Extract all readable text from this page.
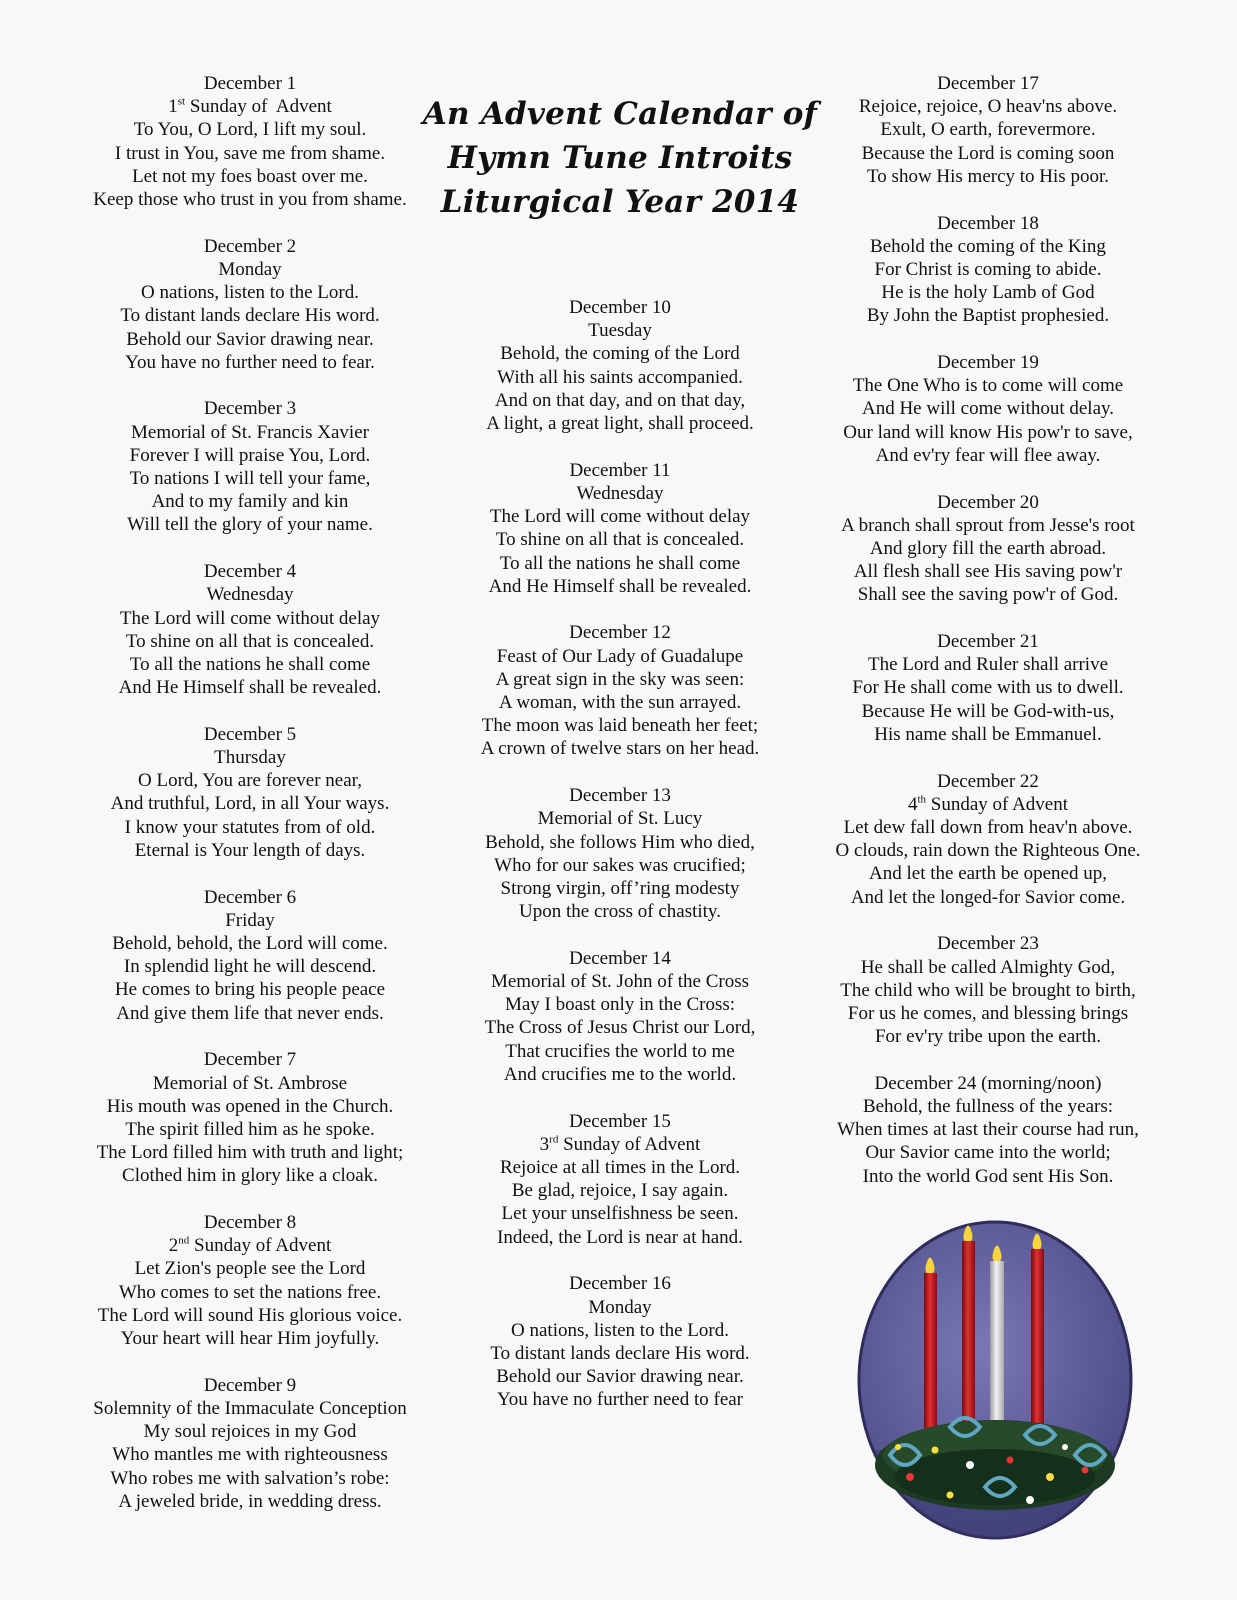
An Advent Calendar of
Hymn Tune Introits
Liturgical Year 2014
December 1
1st Sunday of  Advent
To You, O Lord, I lift my soul.
I trust in You, save me from shame.
Let not my foes boast over me.
Keep those who trust in you from shame.
December 2
Monday
O nations, listen to the Lord.
To distant lands declare His word.
Behold our Savior drawing near.
You have no further need to fear.
December 3
Memorial of St. Francis Xavier
Forever I will praise You, Lord.
To nations I will tell your fame,
And to my family and kin
Will tell the glory of your name.
December 4
Wednesday
The Lord will come without delay
To shine on all that is concealed.
To all the nations he shall come
And He Himself shall be revealed.
December 5
Thursday
O Lord, You are forever near,
And truthful, Lord, in all Your ways.
I know your statutes from of old.
Eternal is Your length of days.
December 6
Friday
Behold, behold, the Lord will come.
In splendid light he will descend.
He comes to bring his people peace
And give them life that never ends.
December 7
Memorial of St. Ambrose
His mouth was opened in the Church.
The spirit filled him as he spoke.
The Lord filled him with truth and light;
Clothed him in glory like a cloak.
December 8
2nd Sunday of Advent
Let Zion's people see the Lord
Who comes to set the nations free.
The Lord will sound His glorious voice.
Your heart will hear Him joyfully.
December 9
Solemnity of the Immaculate Conception
My soul rejoices in my God
Who mantles me with righteousness
Who robes me with salvation’s robe:
A jeweled bride, in wedding dress.
December 10
Tuesday
Behold, the coming of the Lord
With all his saints accompanied.
And on that day, and on that day,
A light, a great light, shall proceed.
December 11
Wednesday
The Lord will come without delay
To shine on all that is concealed.
To all the nations he shall come
And He Himself shall be revealed.
December 12
Feast of Our Lady of Guadalupe
A great sign in the sky was seen:
A woman, with the sun arrayed.
The moon was laid beneath her feet;
A crown of twelve stars on her head.
December 13
Memorial of St. Lucy
Behold, she follows Him who died,
Who for our sakes was crucified;
Strong virgin, off’ring modesty
Upon the cross of chastity.
December 14
Memorial of St. John of the Cross
May I boast only in the Cross:
The Cross of Jesus Christ our Lord,
That crucifies the world to me
And crucifies me to the world.
December 15
3rd Sunday of Advent
Rejoice at all times in the Lord.
Be glad, rejoice, I say again.
Let your unselfishness be seen.
Indeed, the Lord is near at hand.
December 16
Monday
O nations, listen to the Lord.
To distant lands declare His word.
Behold our Savior drawing near.
You have no further need to fear
December 17
Rejoice, rejoice, O heav'ns above.
Exult, O earth, forevermore.
Because the Lord is coming soon
To show His mercy to His poor.
December 18
Behold the coming of the King
For Christ is coming to abide.
He is the holy Lamb of God
By John the Baptist prophesied.
December 19
The One Who is to come will come
And He will come without delay.
Our land will know His pow'r to save,
And ev'ry fear will flee away.
December 20
A branch shall sprout from Jesse's root
And glory fill the earth abroad.
All flesh shall see His saving pow'r
Shall see the saving pow'r of God.
December 21
The Lord and Ruler shall arrive
For He shall come with us to dwell.
Because He will be God-with-us,
His name shall be Emmanuel.
December 22
4th Sunday of Advent
Let dew fall down from heav'n above.
O clouds, rain down the Righteous One.
And let the earth be opened up,
And let the longed-for Savior come.
December 23
He shall be called Almighty God,
The child who will be brought to birth,
For us he comes, and blessing brings
For ev'ry tribe upon the earth.
December 24 (morning/noon)
Behold, the fullness of the years:
When times at last their course had run,
Our Savior came into the world;
Into the world God sent His Son.
